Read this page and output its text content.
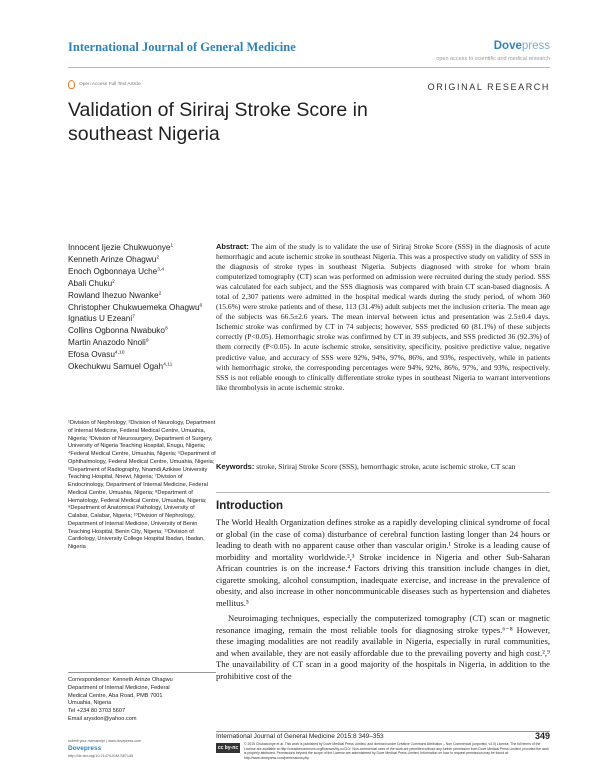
International Journal of General Medicine	Dovepress
open access to scientific and medical research
Open Access Full Text Article	ORIGINAL RESEARCH
Validation of Siriraj Stroke Score in southeast Nigeria
Innocent Ijezie Chukwuonye$^1$
Kenneth Arinze Ohagwu$^2$
Enoch Ogbonnaya Uche$^{3,4}$
Abali Chuku$^2$
Rowland Ihezuo Nwanke$^2$
Christopher Chukwuemeka Ohagwu$^6$
Ignatius U Ezeani$^7$
Collins Ogbonna Nwabuko$^8$
Martin Anazodo Nnoli$^9$
Efosa Ovasu$^{4,10}$
Okechukwu Samuel Ogah$^{4,11}$
¹Division of Nephrology, ²Division of Neurology, Department of Internal Medicine, Federal Medical Centre, Umuahia, Nigeria; ³Division of Neurosurgery, Department of Surgery, University of Nigeria Teaching Hospital, Enugu, Nigeria; ⁴Federal Medical Centre, Umuahia, Nigeria; ⁵Department of Ophthalmology, Federal Medical Centre, Umuahia, Nigeria; ⁶Department of Radiography, Nnamdi Azikiwe University Teaching Hospital, Nnewi, Nigeria; ⁷Division of Endocrinology, Department of Internal Medicine, Federal Medical Centre, Umuahia, Nigeria; ⁸Department of Hematology, Federal Medical Centre, Umuahia, Nigeria; ⁹Department of Anatomical Pathology, University of Calabar, Calabar, Nigeria; ¹⁰Division of Nephrology, Department of Internal Medicine, University of Benin Teaching Hospital, Benin City, Nigeria; ¹¹Division of Cardiology, University College Hospital Ibadan, Ibadan, Nigeria
Correspondence: Kenneth Arinze Ohagwu
Department of Internal Medicine, Federal
Medical Centre, Aba Road, PMB 7001
Umuahia, Nigeria
Tel +234 80 3703 5607
Email arysdon@yahoo.com
Abstract: The aim of the study is to validate the use of Siriraj Stroke Score (SSS) in the diagnosis of acute hemorrhagic and acute ischemic stroke in southeast Nigeria. This was a prospective study on validity of SSS in the diagnosis of stroke types in southeast Nigeria. Subjects diagnosed with stroke for whom brain computerized tomography (CT) scan was performed on admission were recruited during the study period. SSS was calculated for each subject, and the SSS diagnosis was compared with brain CT scan-based diagnosis. A total of 2,307 patients were admitted in the hospital medical wards during the study period, of whom 360 (15.6%) were stroke patients and of these, 113 (31.4%) adult subjects met the inclusion criteria. The mean age of the subjects was 66.5±2.6 years. The mean interval between ictus and presentation was 2.5±0.4 days. Ischemic stroke was confirmed by CT in 74 subjects; however, SSS predicted 60 (81.1%) of these subjects correctly (P<0.05). Hemorrhagic stroke was confirmed by CT in 39 subjects, and SSS predicted 36 (92.3%) of them correctly (P<0.05). In acute ischemic stroke, sensitivity, specificity, positive predictive value, negative predictive value, and accuracy of SSS were 92%, 94%, 97%, 86%, and 93%, respectively, while in patients with hemorrhagic stroke, the corresponding percentages were 94%, 92%, 86%, 97%, and 93%, respectively. SSS is not reliable enough to clinically differentiate stroke types in southeast Nigeria to warrant interventions like thrombolysis in acute ischemic stroke.
Keywords: stroke, Siriraj Stroke Score (SSS), hemorrhagic stroke, acute ischemic stroke, CT scan
Introduction

The World Health Organization defines stroke as a rapidly developing clinical syndrome of focal or global (in the case of coma) disturbance of cerebral function lasting longer than 24 hours or leading to death with no apparent cause other than vascular origin.¹ Stroke is a leading cause of morbidity and mortality worldwide.²,³ Stroke incidence in Nigeria and other Sub-Saharan African countries is on the increase.⁴ Factors driving this transition include changes in diet, cigarette smoking, alcohol consumption, inadequate exercise, and increase in the prevalence of obesity, and also increase in other noncommunicable diseases such as hypertension and diabetes mellitus.⁵

Neuroimaging techniques, especially the computerized tomography (CT) scan or magnetic resonance imaging, remain the most reliable tools for diagnosing stroke types.⁶⁻⁸ However, these imaging modalities are not readily available in Nigeria, especially in rural communities, and when available, they are not easily affordable due to the prevailing poverty and high cost.²,⁹ The unavailability of CT scan in a good majority of the hospitals in Nigeria, in addition to the prohibitive cost of the

International Journal of General Medicine 2015:8 349–353	349
submit your manuscript | www.dovepress.com
Dovepress
http://dx.doi.org/10.2147/IJGM.S87145
cc by-nc
© 2015 Chukwuonye et al. This work is published by Dove Medical Press Limited, and licensed under Creative Commons Attribution – Non Commercial (unported, v3.0) License. The full terms of the License are available at http://creativecommons.org/licenses/by-nc/3.0/. Non-commercial uses of the work are permitted without any further permission from Dove Medical Press Limited, provided the work is properly attributed. Permissions beyond the scope of the License are administered by Dove Medical Press Limited. Information on how to request permission may be found at: http://www.dovepress.com/permissions.php
